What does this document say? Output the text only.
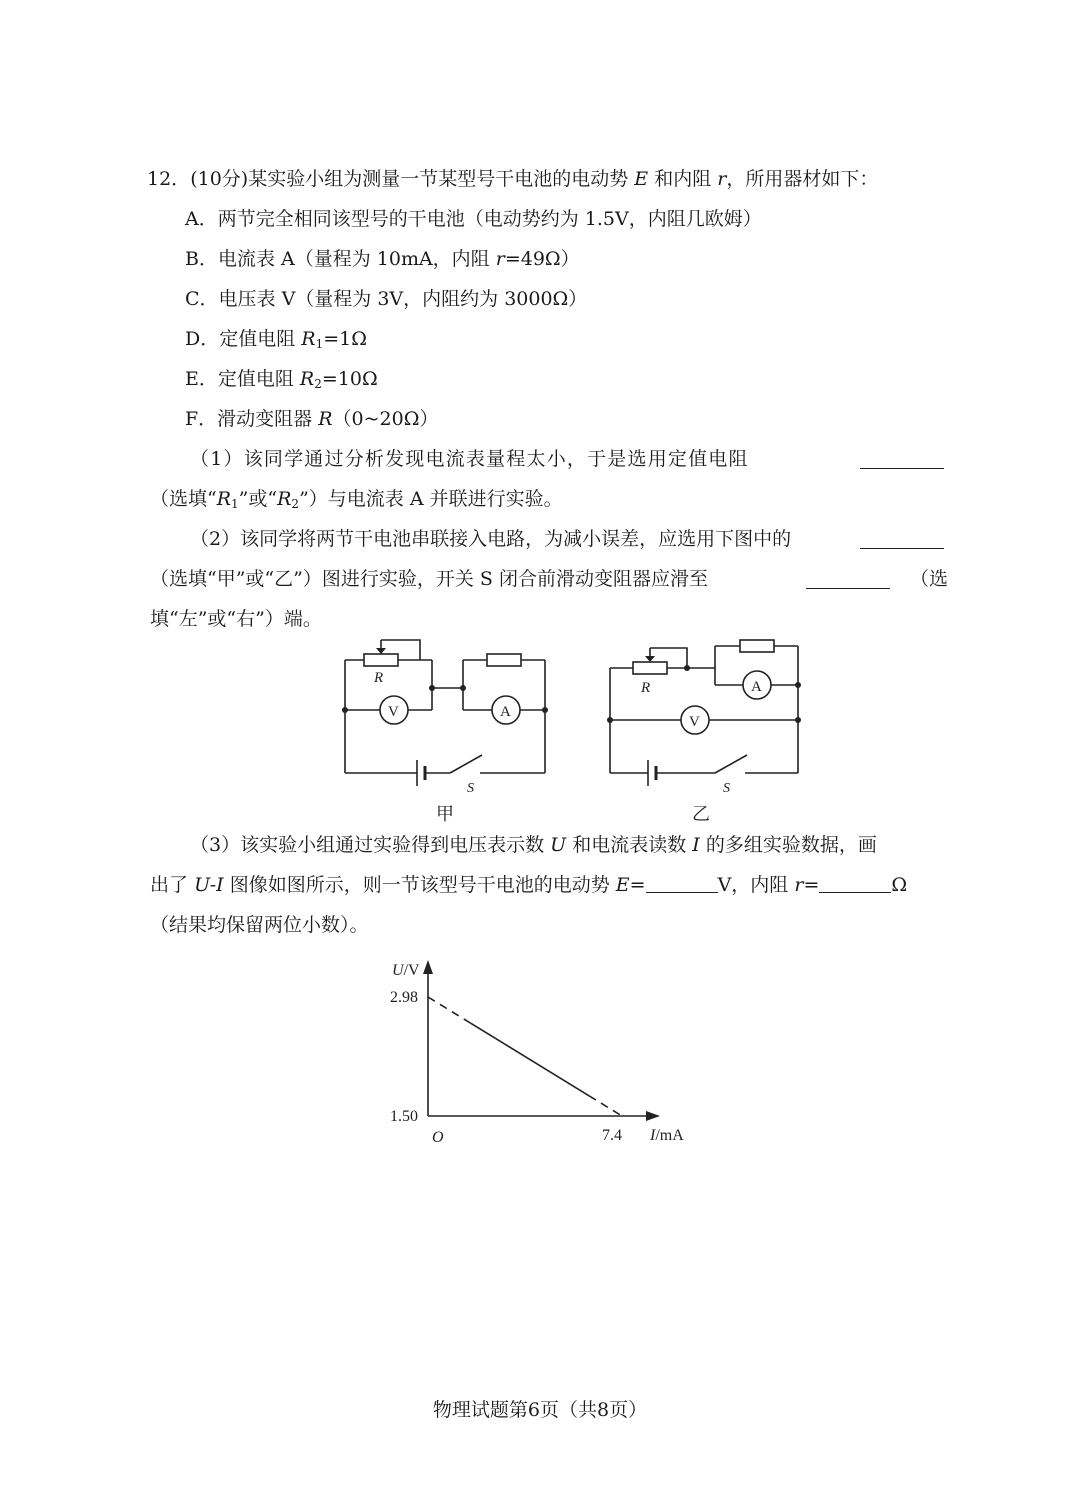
12．(10分)某实验小组为测量一节某型号干电池的电动势 E 和内阻 r，所用器材如下：
A．两节完全相同该型号的干电池（电动势约为 1.5V，内阻几欧姆）
B．电流表 A（量程为 10mA，内阻 r=49Ω）
C．电压表 V（量程为 3V，内阻约为 3000Ω）
D．定值电阻 $R_1=1\Omega$
E．定值电阻 $R_2=10\Omega$
F．滑动变阻器 R（0~20Ω）
（1）该同学通过分析发现电流表量程太小，于是选用定值电阻
（选填“$R_1$”或“$R_2$”）与电流表 A 并联进行实验。
（2）该同学将两节干电池串联接入电路，为减小误差，应选用下图中的
（选填“甲”或“乙”）图进行实验，开关 S 闭合前滑动变阻器应滑至	（选
填“左”或“右”）端。
R
V	A
S
甲
R
V
A
S
乙
（3）该实验小组通过实验得到电压表示数 U 和电流表读数 I 的多组实验数据，画
出了 U-I 图像如图所示，则一节该型号干电池的电动势 E=	V，内阻 r=	Ω
（结果均保留两位小数）。
U/V
2.98
1.50
O	7.4 I/mA
物理试题第6页（共8页）
